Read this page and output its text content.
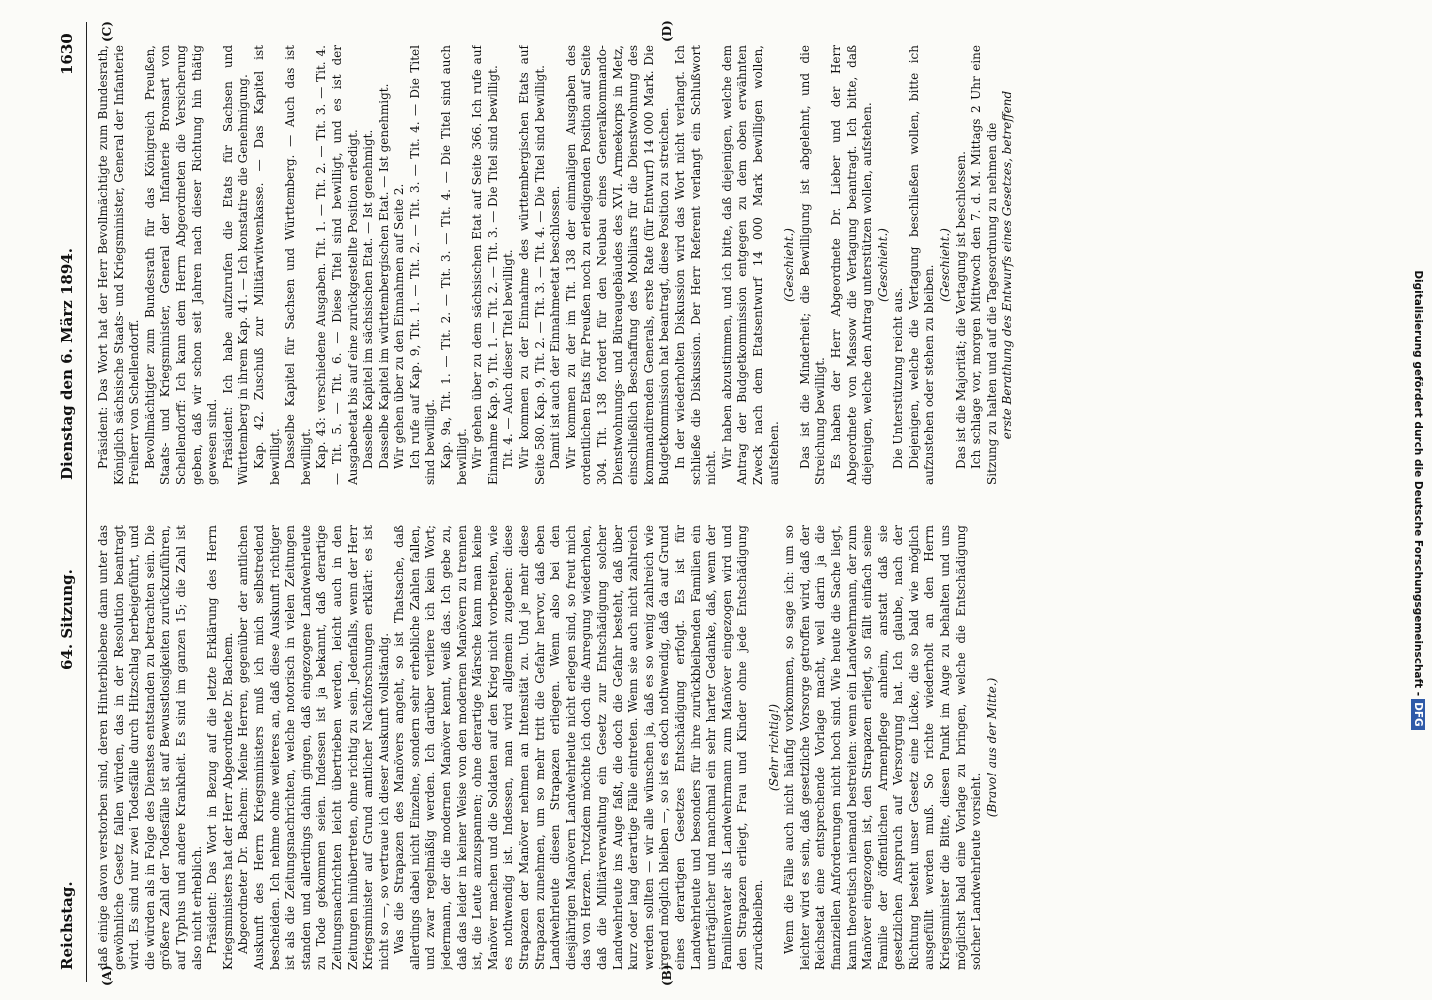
Reichstag.
64. Sitzung.
Dienstag den 6. März 1894.
1630
(A)	(B)
(C)	(D)

daß einige davon verstorben sind, deren Hinterbliebene dann unter das gewöhnliche Gesetz fallen würden, das in der Resolution beantragt wird. Es sind nur zwei Todesfälle durch Hitzschlag herbeigeführt, und die würden als in Folge des Dienstes entstanden zu betrachten sein. Die größere Zahl der Todesfälle ist auf Bewusstlosigkeiten zurückzuführen, auf Typhus und andere Krankheit. Es sind im ganzen 15; die Zahl ist also nicht erheblich. Präsident: Das Wort in Bezug auf die letzte Erklärung des Herrn Kriegsministers hat der Herr Abgeordnete Dr. Bachem. Abgeordneter Dr. Bachem: Meine Herren, gegenüber der amtlichen Auskunft des Herrn Kriegsministers muß ich mich selbstredend bescheiden. Ich nehme ohne weiteres an, daß diese Auskunft richtiger ist als die Zeitungsnachrichten, welche notorisch in vielen Zeitungen standen und allerdings dahin gingen, daß eingezogene Landwehrleute zu Tode gekommen seien. Indessen ist ja bekannt, daß derartige Zeitungsnachrichten leicht übertrieben werden, leicht auch in den Zeitungen hinübertreten, ohne richtig zu sein. Jedenfalls, wenn der Herr Kriegsminister auf Grund amtlicher Nachforschungen erklärt: es ist nicht so —, so vertraue ich dieser Auskunft vollständig. Was die Strapazen des Manövers angeht, so ist Thatsache, daß allerdings dabei nicht Einzelne, sondern sehr erhebliche Zahlen fallen, und zwar regelmäßig werden. Ich darüber verliere ich kein Wort; jedermann, der die modernen Manöver kennt, weiß das. Ich gebe zu, daß das leider in keiner Weise von den modernen Manövern zu trennen ist, die Leute anzuspannen; ohne derartige Märsche kann man keine Manöver machen und die Soldaten auf den Krieg nicht vorbereiten, wie es nothwendig ist. Indessen, man wird allgemein zugeben: diese Strapazen der Manöver nehmen an Intensität zu. Und je mehr diese Strapazen zunehmen, um so mehr tritt die Gefahr hervor, daß eben Landwehrleute diesen Strapazen erliegen. Wenn also bei den diesjährigen Manövern Landwehrleute nicht erlegen sind, so freut mich das von Herzen. Trotzdem möchte ich doch die Anregung wiederholen, daß die Militärverwaltung ein Gesetz zur Entschädigung solcher Landwehrleute ins Auge faßt, die doch die Gefahr besteht, daß über kurz oder lang derartige Fälle eintreten. Wenn sie auch nicht zahlreich werden sollten — wir alle wünschen ja, daß es so wenig zahlreich wie irgend möglich bleiben —, so ist es doch nothwendig, daß da auf Grund eines derartigen Gesetzes Entschädigung erfolgt. Es ist für Landwehrleute und besonders für ihre zurückbleibenden Familien ein unerträglicher und manchmal ein sehr harter Gedanke, daß, wenn der Familienvater als Landwehrmann zum Manöver eingezogen wird und den Strapazen erliegt, Frau und Kinder ohne jede Entschädigung zurückbleiben.

(Sehr richtig!) Wenn die Fälle auch nicht häufig vorkommen, so sage ich: um so leichter wird es sein, daß gesetzliche Vorsorge getroffen wird, daß der Reichsetat eine entsprechende Vorlage macht, weil darin ja die finanziellen Anforderungen nicht hoch sind. Wie heute die Sache liegt, kann theoretisch niemand bestreiten: wenn ein Landwehrmann, der zum Manöver eingezogen ist, den Strapazen erliegt, so fällt einfach seine Familie der öffentlichen Armenpflege anheim, anstatt daß sie gesetzlichen Anspruch auf Versorgung hat. Ich glaube, nach der Richtung besteht unser Gesetz eine Lücke, die so bald wie möglich ausgefüllt werden muß. So richte wiederholt an den Herrn Kriegsminister die Bitte, diesen Punkt im Auge zu behalten und uns möglichst bald eine Vorlage zu bringen, welche die Entschädigung solcher Landwehrleute vorsieht.

(Bravo! aus der Mitte.)

Präsident: Das Wort hat der Herr Bevollmächtigte zum Bundesrath, Königlich sächsische Staats- und Kriegsminister, General der Infanterie Freiherr von Schellendorff. Bevollmächtigter zum Bundesrath für das Königreich Preußen, Staats- und Kriegsminister, General der Infanterie Bronsart von Schellendorff: Ich kann dem Herrn Abgeordneten die Versicherung geben, daß wir schon seit Jahren nach dieser Richtung hin thätig gewesen sind. Präsident: Ich habe aufzurufen die Etats für Sachsen und Württemberg in ihrem Kap. 41. — Ich konstatire die Genehmigung. Kap. 42. Zuschuß zur Militärwitwenkasse. — Das Kapitel ist bewilligt. Dasselbe Kapitel für Sachsen und Württemberg. — Auch das ist bewilligt. Kap. 43: verschiedene Ausgaben. Tit. 1. — Tit. 2. — Tit. 3. — Tit. 4. — Tit. 5. — Tit. 6. — Diese Titel sind bewilligt, und es ist der Ausgabeetat bis auf eine zurückgestellte Position erledigt. Dasselbe Kapitel im sächsischen Etat. — Ist genehmigt. Dasselbe Kapitel im württembergischen Etat. — Ist genehmigt. Wir gehen über zu den Einnahmen auf Seite 2. Ich rufe auf Kap. 9, Tit. 1. — Tit. 2. — Tit. 3. — Tit. 4. — Die Titel sind bewilligt. Kap. 9a, Tit. 1. — Tit. 2. — Tit. 3. — Tit. 4. — Die Titel sind auch bewilligt. Wir gehen über zu dem sächsischen Etat auf Seite 366. Ich rufe auf Einnahme Kap. 9, Tit. 1. — Tit. 2. — Tit. 3. — Die Titel sind bewilligt. Tit. 4. — Auch dieser Titel bewilligt. Wir kommen zu der Einnahme des württembergischen Etats auf Seite 580. Kap. 9, Tit. 2. — Tit. 3. — Tit. 4. — Die Titel sind bewilligt. Damit ist auch der Einnahmeetat beschlossen. Wir kommen zu der im Tit. 138 der einmaligen Ausgaben des ordentlichen Etats für Preußen noch zu erledigenden Position auf Seite 304. Tit. 138 fordert für den Neubau eines Generalkommando-Dienstwohnungs- und Büreaugebäudes des XVI. Armeekorps in Metz, einschließlich Beschaffung des Mobiliars für die Dienstwohnung des kommandirenden Generals, erste Rate (für Entwurf) 14 000 Mark. Die Budgetkommission hat beantragt, diese Position zu streichen. In der wiederholten Diskussion wird das Wort nicht verlangt. Ich schließe die Diskussion. Der Herr Referent verlangt ein Schlußwort nicht. Wir haben abzustimmen, und ich bitte, daß diejenigen, welche dem Antrag der Budgetkommission entgegen zu dem oben erwähnten Zweck nach dem Etatsentwurf 14 000 Mark bewilligen wollen, aufstehen.

(Geschieht.) Das ist die Minderheit; die Bewilligung ist abgelehnt, und die Streichung bewilligt. Es haben der Herr Abgeordnete Dr. Lieber und der Herr Abgeordnete von Massow die Vertagung beantragt. Ich bitte, daß diejenigen, welche den Antrag unterstützen wollen, aufstehen. (Geschieht.)

Die Unterstützung reicht aus. Diejenigen, welche die Vertagung beschließen wollen, bitte ich aufzustehen oder stehen zu bleiben. (Geschieht.) Das ist die Majorität; die Vertagung ist beschlossen. Ich schlage vor, morgen Mittwoch den 7. d. M. Mittags 2 Uhr eine Sitzung zu halten und auf die Tagesordnung zu nehmen die erste Berathung des Entwurfs eines Gesetzes, betreffend

Digitalisierung gefördert durch die Deutsche Forschungsgemeinschaft -DFG
